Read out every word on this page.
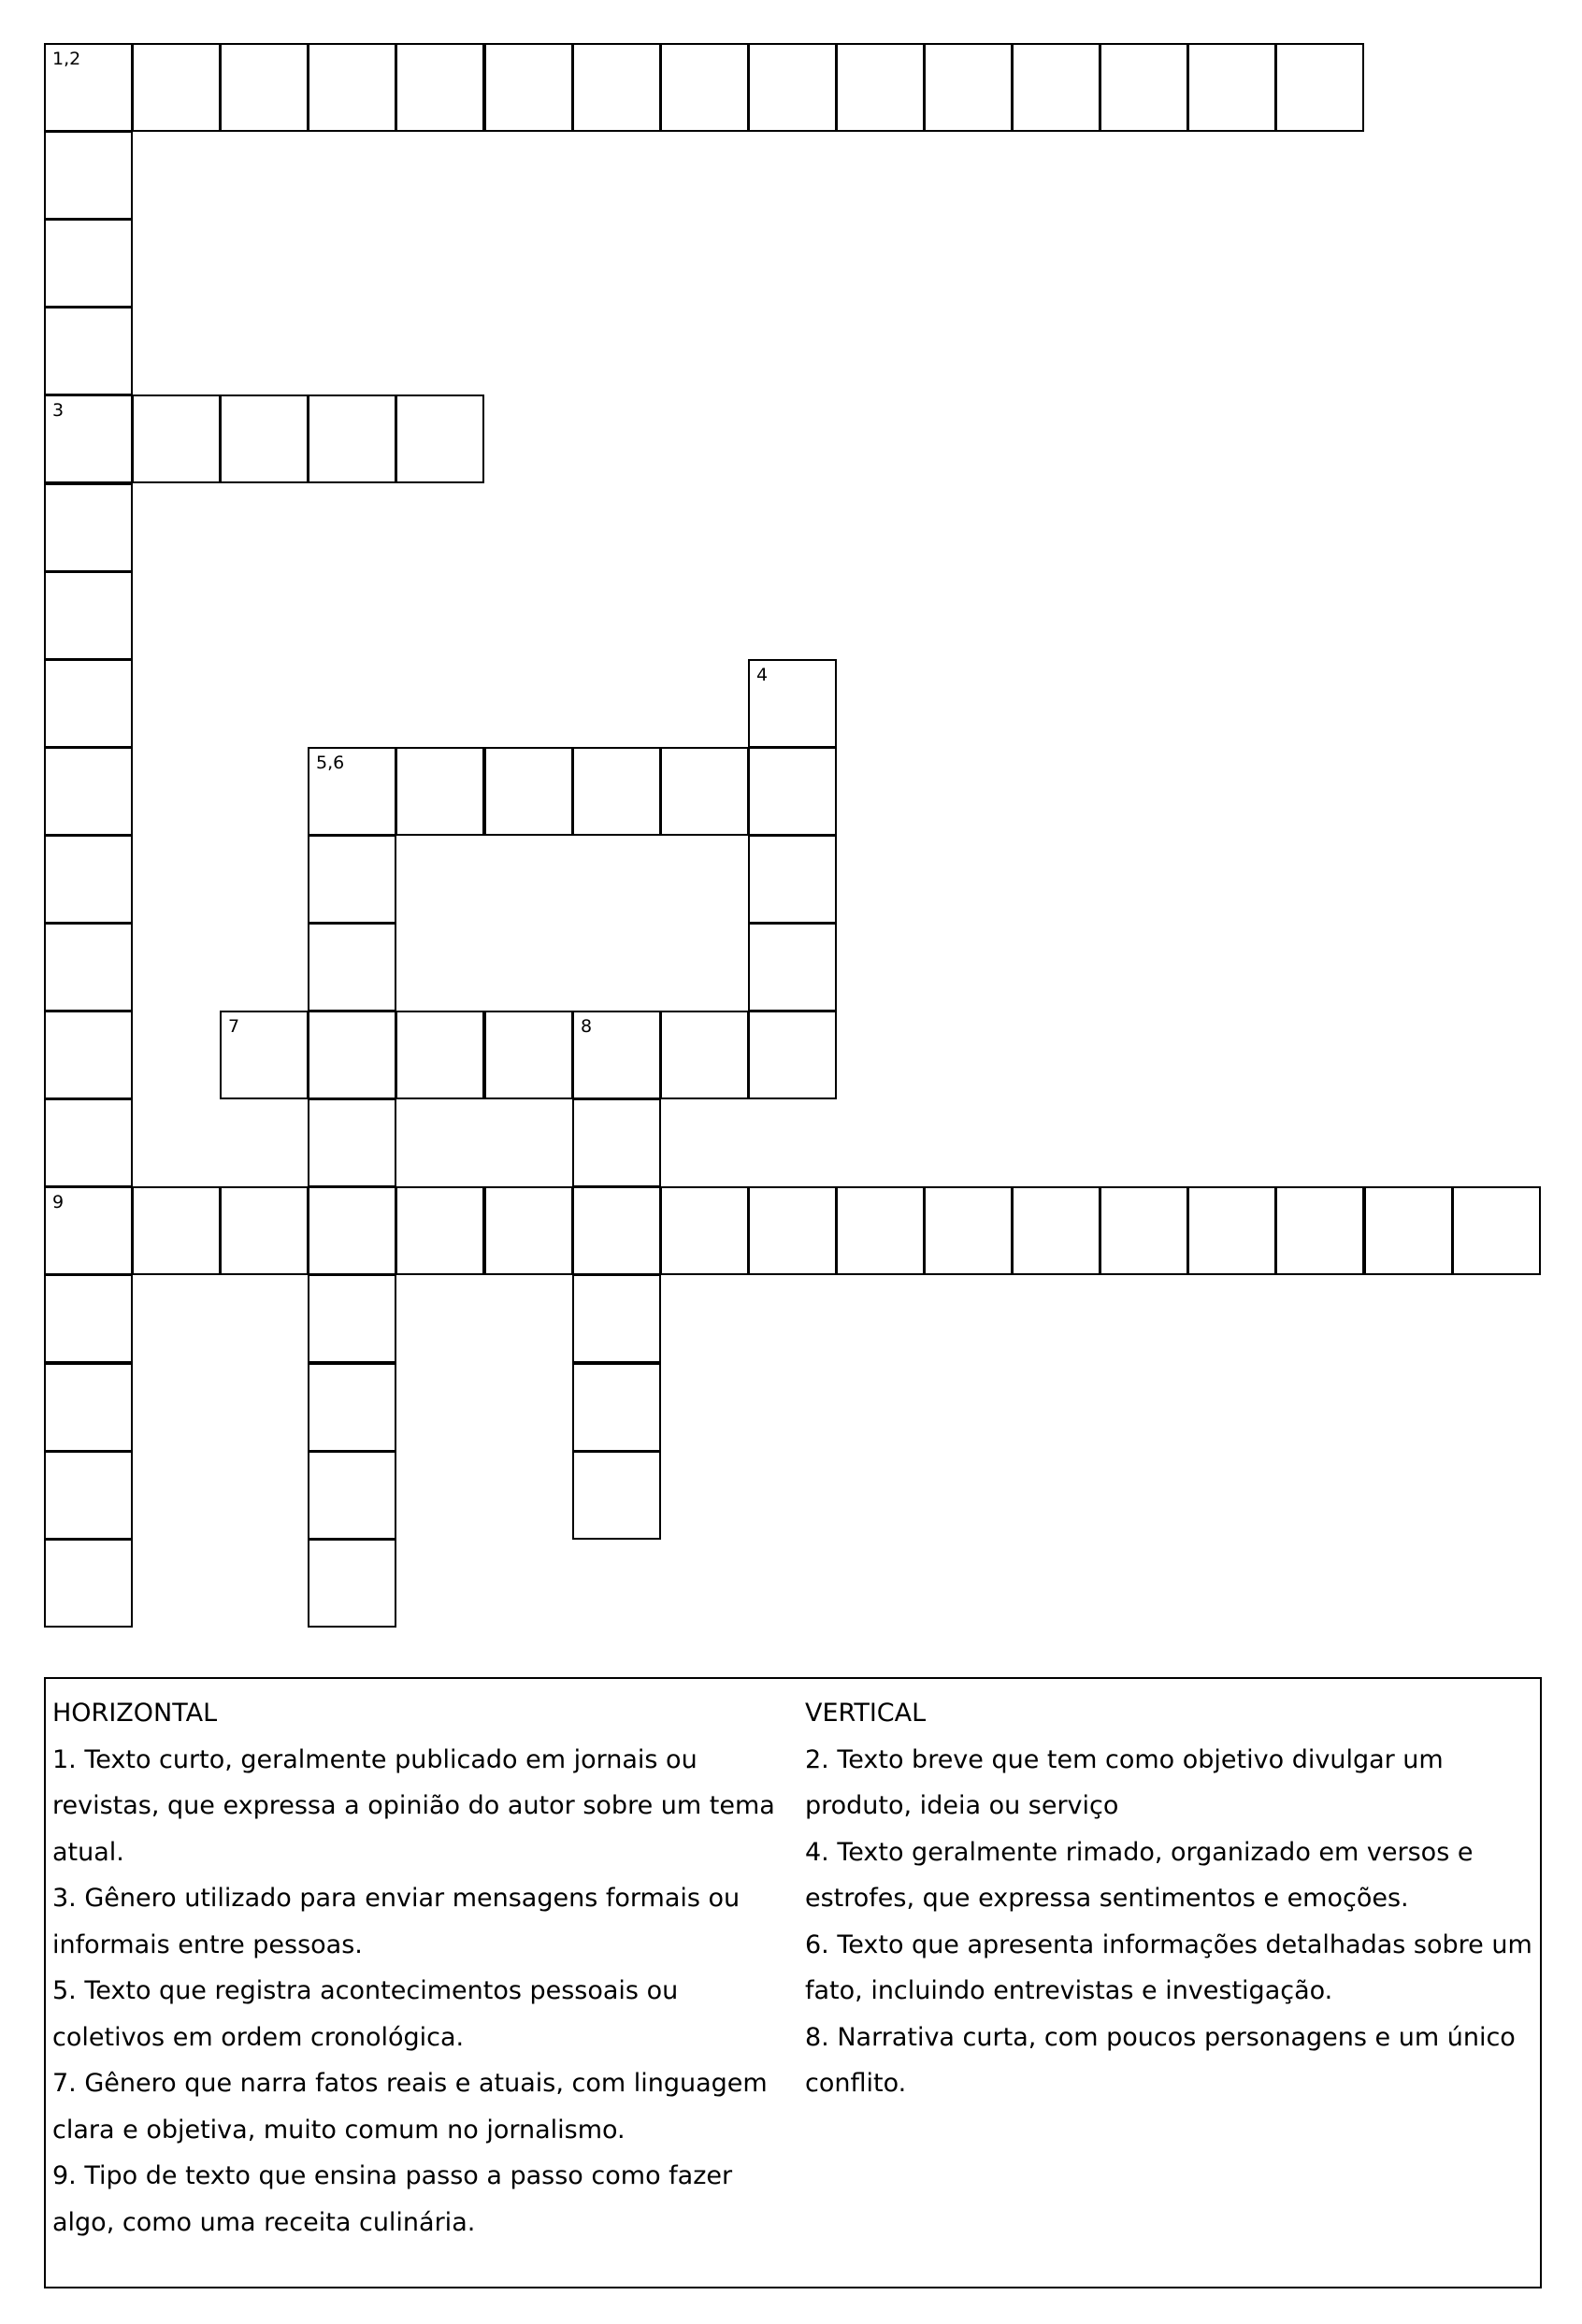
1,2
3
9
4
5,6
7	8

HORIZONTAL

1. Texto curto, geralmente publicado em jornais ou revistas, que expressa a opinião do autor sobre um tema atual.

3. Gênero utilizado para enviar mensagens formais ou informais entre pessoas.

5. Texto que registra acontecimentos pessoais ou coletivos em ordem cronológica.

7. Gênero que narra fatos reais e atuais, com linguagem clara e objetiva, muito comum no jornalismo.

9. Tipo de texto que ensina passo a passo como fazer algo, como uma receita culinária.

VERTICAL

2. Texto breve que tem como objetivo divulgar um produto, ideia ou serviço

4. Texto geralmente rimado, organizado em versos e estrofes, que expressa sentimentos e emoções.

6. Texto que apresenta informações detalhadas sobre um fato, incluindo entrevistas e investigação.

8. Narrativa curta, com poucos personagens e um único conflito.
